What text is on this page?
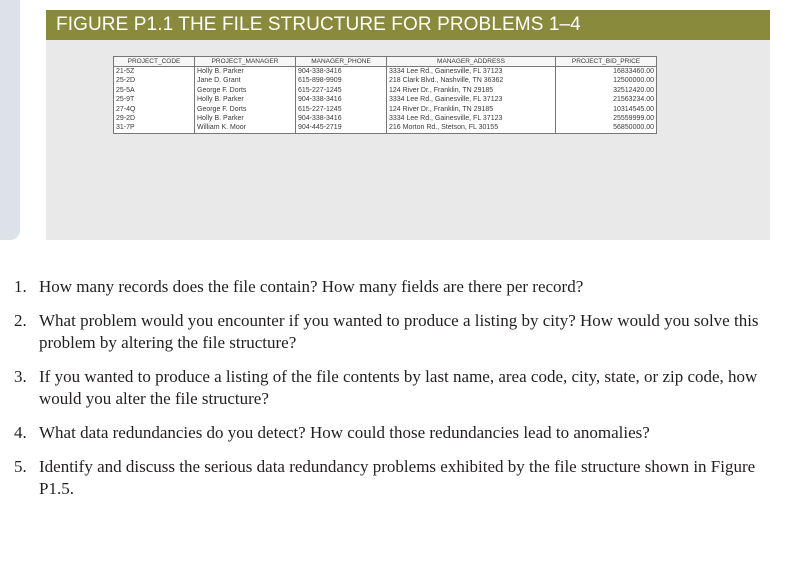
FIGURE P1.1 THE FILE STRUCTURE FOR PROBLEMS 1–4
PROJECT_CODE	PROJECT_MANAGER	MANAGER_PHONE	MANAGER_ADDRESS	PROJECT_BID_PRICE
21-5Z	Holly B. Parker	904-338-3416	3334 Lee Rd., Gainesville, FL 37123	16833460.00
25-2D	Jane D. Grant	615-898-9909	218 Clark Blvd., Nashville, TN 36362	12500000.00
25-5A	George F. Dorts	615-227-1245	124 River Dr., Franklin, TN 29185	32512420.00
25-9T	Holly B. Parker	904-338-3416	3334 Lee Rd., Gainesville, FL 37123	21563234.00
27-4Q	George F. Dorts	615-227-1245	124 River Dr., Franklin, TN 29185	10314545.00
29-2D	Holly B. Parker	904-338-3416	3334 Lee Rd., Gainesville, FL 37123	25559999.00
31-7P	William K. Moor	904-445-2719	216 Morton Rd., Stetson, FL 30155	56850000.00
1. How many records does the file contain? How many fields are there per record?
2. What problem would you encounter if you wanted to produce a listing by city? How would you solve this problem by altering the file structure?
3. If you wanted to produce a listing of the file contents by last name, area code, city, state, or zip code, how would you alter the file structure?
4. What data redundancies do you detect? How could those redundancies lead to anomalies?
5. Identify and discuss the serious data redundancy problems exhibited by the file structure shown in Figure P1.5.
